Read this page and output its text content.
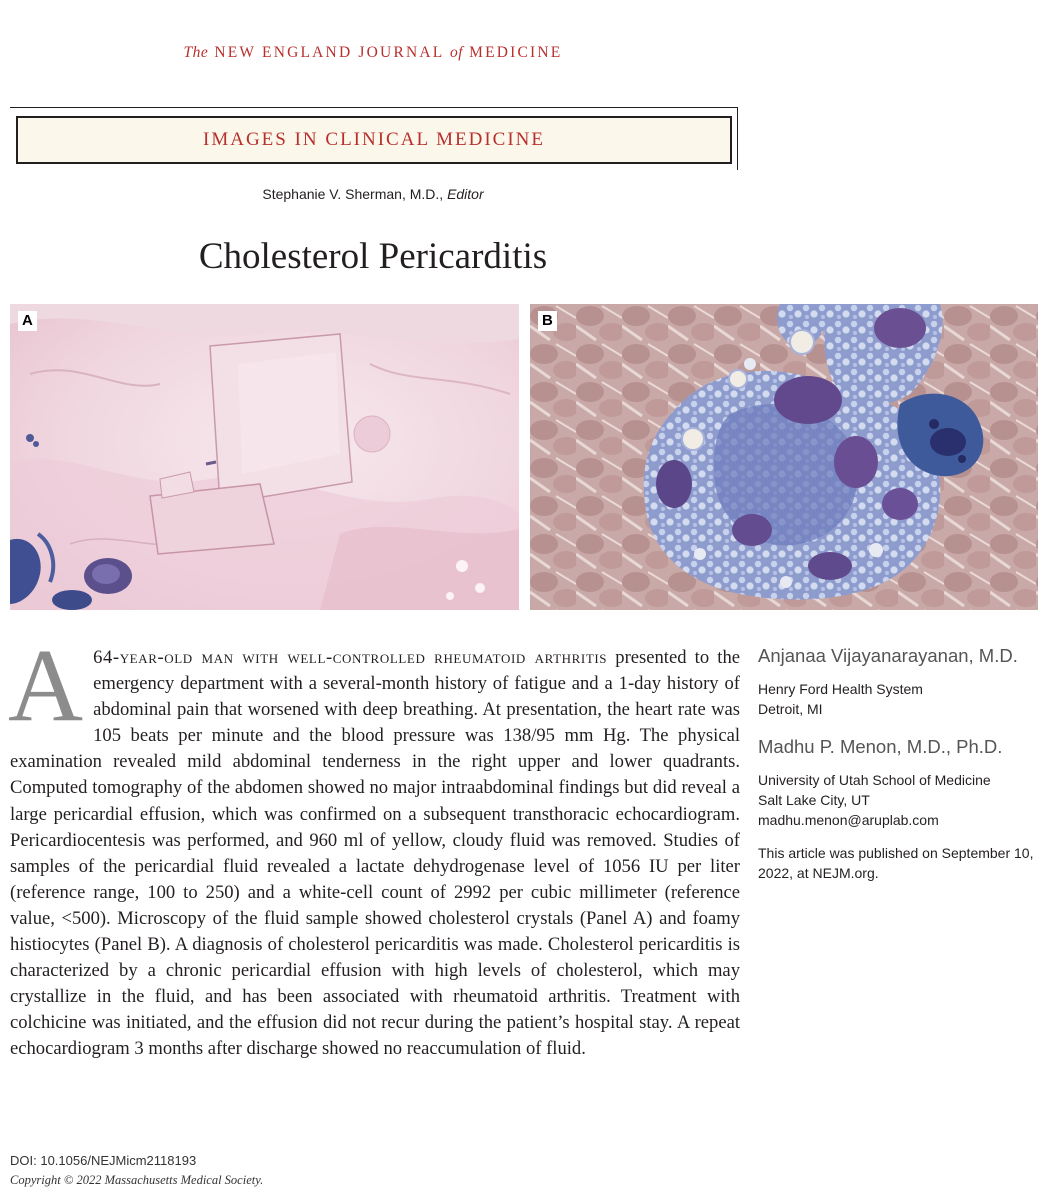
The NEW ENGLAND JOURNAL of MEDICINE
IMAGES IN CLINICAL MEDICINE
Stephanie V. Sherman, M.D., Editor
Cholesterol Pericarditis
A	B
A 64-year-old man with well-controlled rheumatoid arthritis presented to the emergency department with a several-month history of fatigue and a 1-day history of abdominal pain that worsened with deep breathing. At presentation, the heart rate was 105 beats per minute and the blood pressure was 138/95 mm Hg. The physical examination revealed mild abdominal tenderness in the right upper and lower quadrants. Computed tomography of the abdomen showed no major intraabdominal findings but did reveal a large pericardial effusion, which was confirmed on a subsequent transthoracic echocardiogram. Pericardiocentesis was performed, and 960 ml of yellow, cloudy fluid was removed. Studies of samples of the pericardial fluid revealed a lactate dehydrogenase level of 1056 IU per liter (reference range, 100 to 250) and a white-cell count of 2992 per cubic millimeter (reference value, <500). Microscopy of the fluid sample showed cholesterol crystals (Panel A) and foamy histiocytes (Panel B). A diagnosis of cholesterol pericarditis was made. Cholesterol pericarditis is characterized by a chronic pericardial effusion with high levels of cholesterol, which may crystallize in the fluid, and has been associated with rheumatoid arthritis. Treatment with colchicine was initiated, and the effusion did not recur during the patient’s hospital stay. A repeat echocardiogram 3 months after discharge showed no reaccumulation of fluid.
Anjanaa Vijayanarayanan, M.D.
Henry Ford Health System
Detroit, MI
Madhu P. Menon, M.D., Ph.D.
University of Utah School of Medicine
Salt Lake City, UT
madhu.menon@aruplab.com
This article was published on September 10, 2022, at NEJM.org.
DOI: 10.1056/NEJMicm2118193
Copyright © 2022 Massachusetts Medical Society.
